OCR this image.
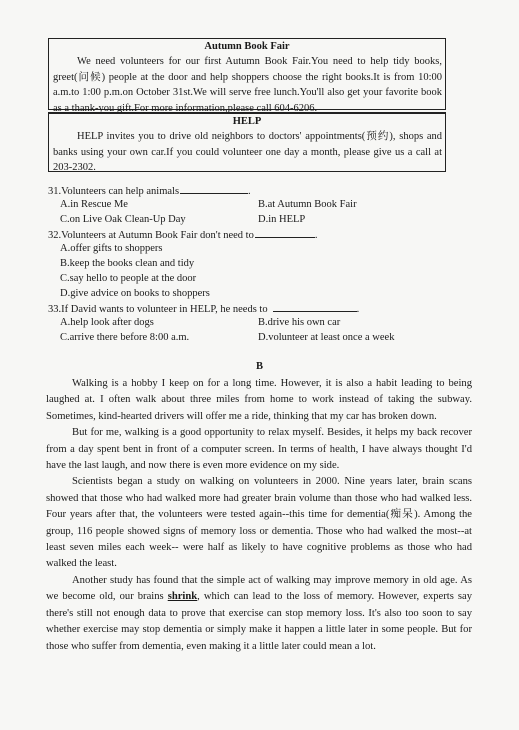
Autumn Book Fair
We need volunteers for our first Autumn Book Fair.You need to help tidy books, greet(问候) people at the door and help shoppers choose the right books.It is from 10:00 a.m.to 1:00 p.m.on October 31st.We will serve free lunch.You'll also get your favorite book as a thank-you gift.For more information,please call 604-6206.
HELP
HELP invites you to drive old neighbors to doctors' appointments(预约), shops and banks using your own car.If you could volunteer one day a month, please give us a call at 203-2302.
31.Volunteers can help animals	.
A.in Rescue Me	B.at Autumn Book Fair
C.on Live Oak Clean-Up Day	D.in HELP
32.Volunteers at Autumn Book Fair don't need to	.
A.offer gifts to shoppers
B.keep the books clean and tidy
C.say hello to people at the door
D.give advice on books to shoppers
33.If David wants to volunteer in HELP, he needs to	.
A.help look after dogs	B.drive his own car
C.arrive there before 8:00 a.m.	D.volunteer at least once a week
B

Walking is a hobby I keep on for a long time. However, it is also a habit leading to being laughed at. I often walk about three miles from home to work instead of taking the subway. Sometimes, kind-hearted drivers will offer me a ride, thinking that my car has broken down.

But for me, walking is a good opportunity to relax myself. Besides, it helps my back recover from a day spent bent in front of a computer screen. In terms of health, I have always thought I'd have the last laugh, and now there is even more evidence on my side.

Scientists began a study on walking on volunteers in 2000. Nine years later, brain scans showed that those who had walked more had greater brain volume than those who had walked less. Four years after that, the volunteers were tested again--this time for dementia(痴呆). Among the group, 116 people showed signs of memory loss or dementia. Those who had walked the most--at least seven miles each week-- were half as likely to have cognitive problems as those who had walked the least.

Another study has found that the simple act of walking may improve memory in old age. As we become old, our brains shrink, which can lead to the loss of memory. However, experts say there's still not enough data to prove that exercise can stop memory loss. It's also too soon to say whether exercise may stop dementia or simply make it happen a little later in some people. But for those who suffer from dementia, even making it a little later could mean a lot.
